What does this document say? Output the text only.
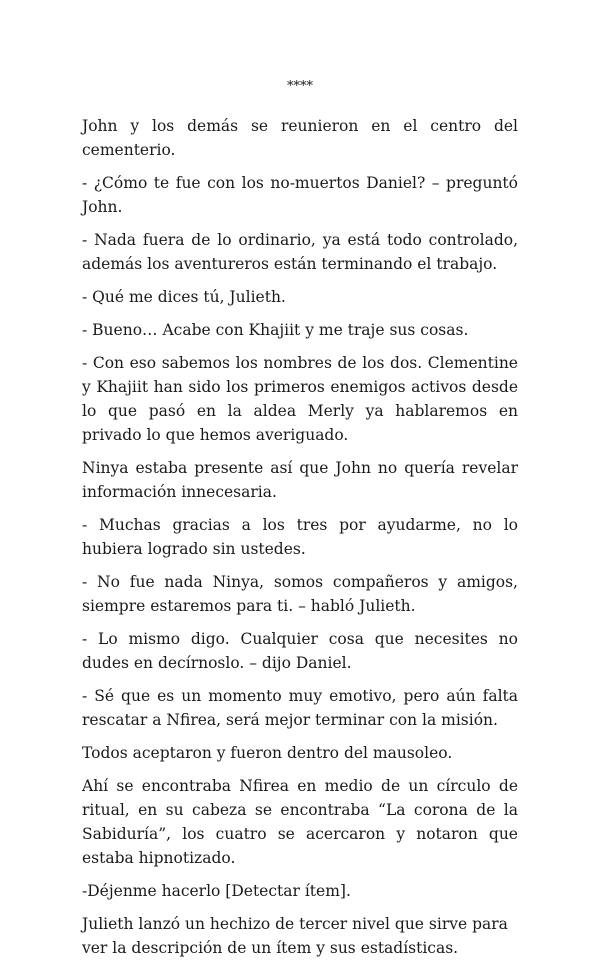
****

John y los demás se reunieron en el centro del cementerio.

- ¿Cómo te fue con los no-muertos Daniel? – preguntó John.

- Nada fuera de lo ordinario, ya está todo controlado, además los aventureros están terminando el trabajo.

- Qué me dices tú, Julieth.

- Bueno… Acabe con Khajiit y me traje sus cosas.

- Con eso sabemos los nombres de los dos. Clementine y Khajiit han sido los primeros enemigos activos desde lo que pasó en la aldea Merly ya hablaremos en privado lo que hemos averiguado.

Ninya estaba presente así que John no quería revelar información innecesaria.

- Muchas gracias a los tres por ayudarme, no lo hubiera logrado sin ustedes.

- No fue nada Ninya, somos compañeros y amigos, siempre estaremos para ti. – habló Julieth.

- Lo mismo digo. Cualquier cosa que necesites no dudes en decírnoslo. – dijo Daniel.

- Sé que es un momento muy emotivo, pero aún falta rescatar a Nfirea, será mejor terminar con la misión.

Todos aceptaron y fueron dentro del mausoleo.

Ahí se encontraba Nfirea en medio de un círculo de ritual, en su cabeza se encontraba “La corona de la Sabiduría”, los cuatro se acercaron y notaron que estaba hipnotizado.

-Déjenme hacerlo [Detectar ítem].

Julieth lanzó un hechizo de tercer nivel que sirve para ver la descripción de un ítem y sus estadísticas.
